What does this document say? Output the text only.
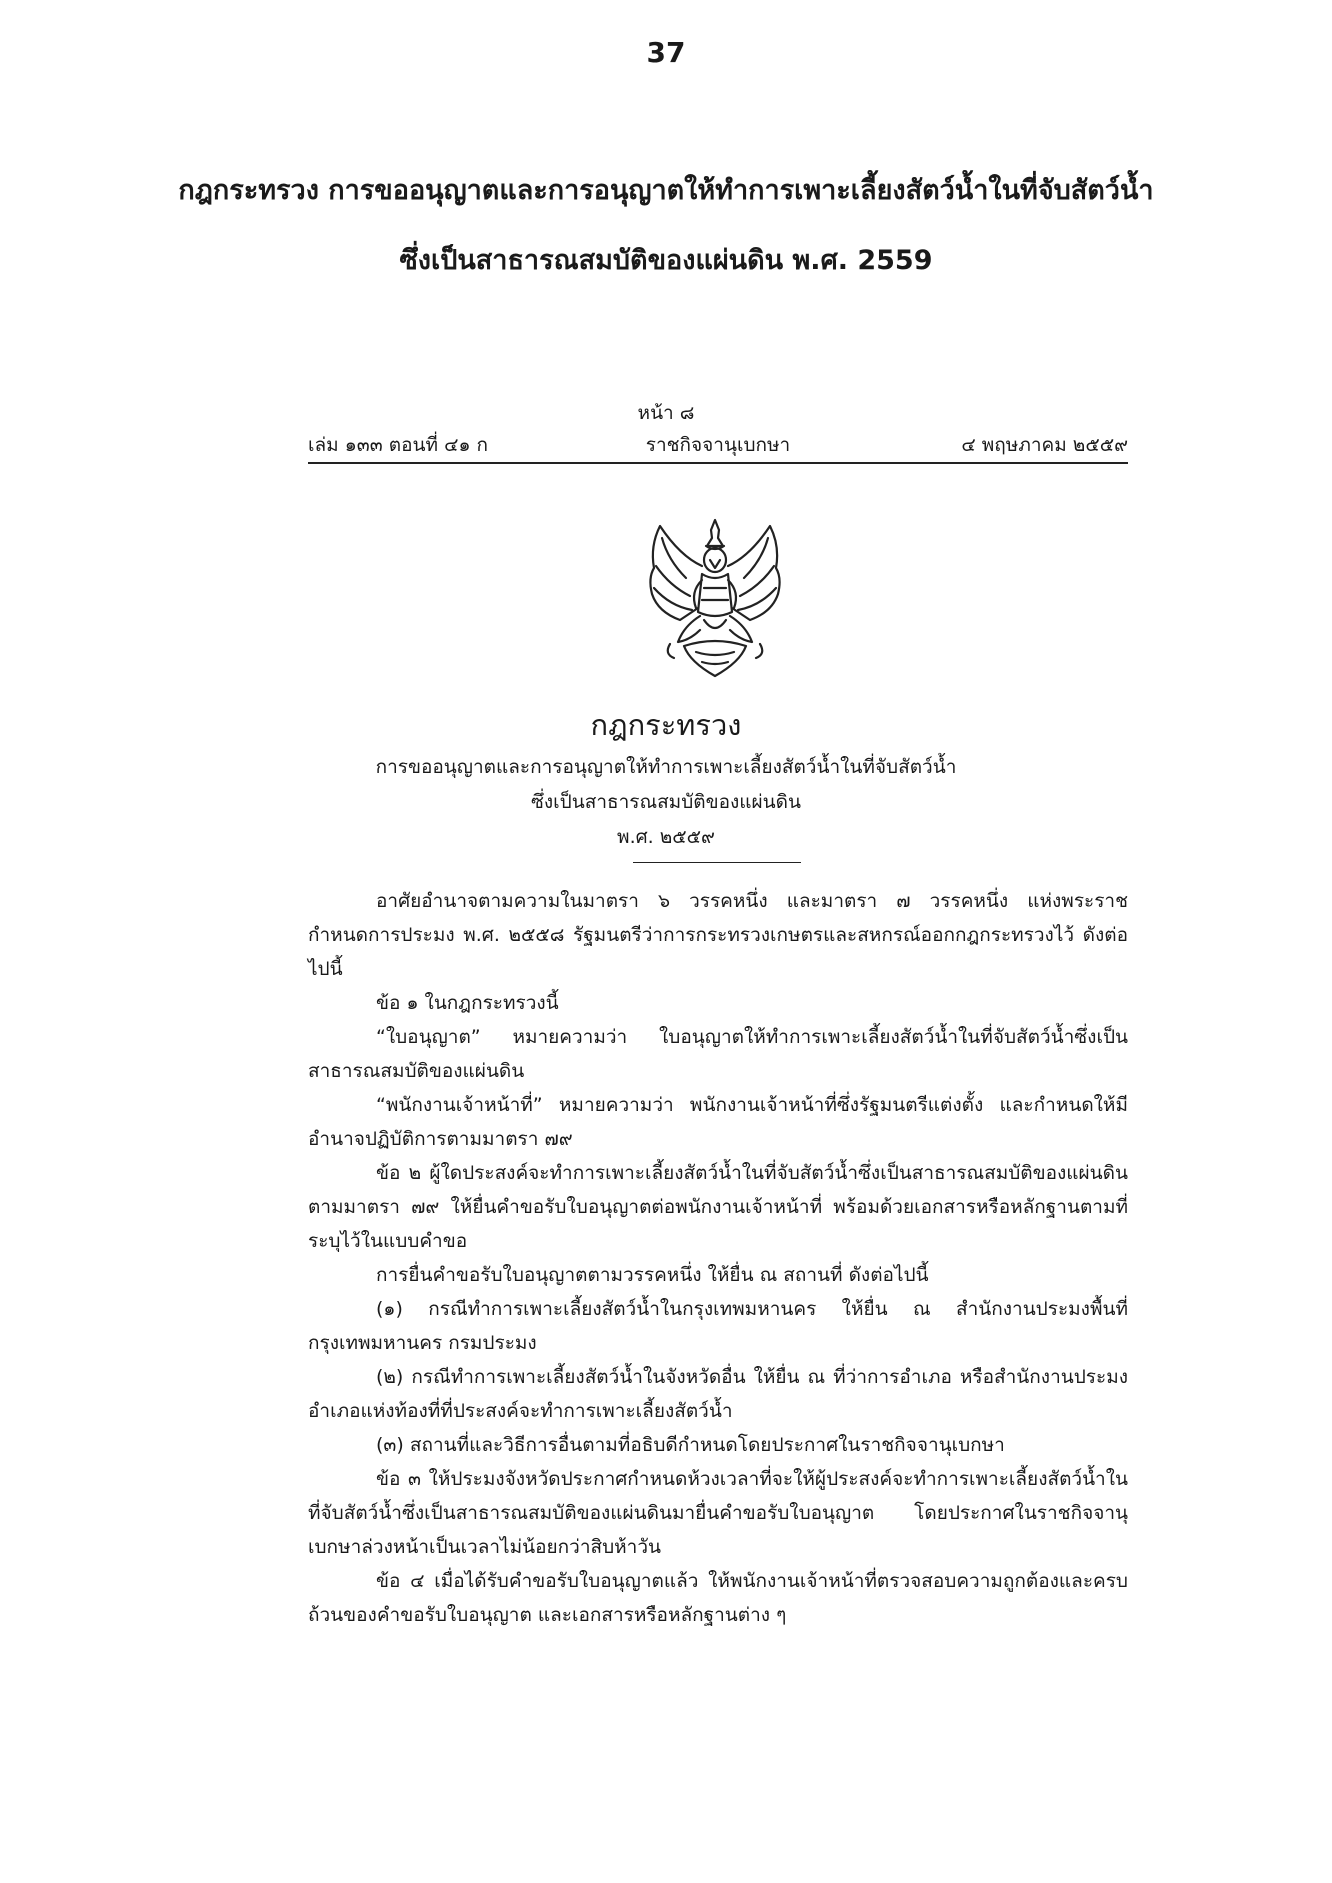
37
กฎกระทรวง การขออนุญาตและการอนุญาตให้ทำการเพาะเลี้ยงสัตว์น้ำในที่จับสัตว์น้ำ
ซึ่งเป็นสาธารณสมบัติของแผ่นดิน พ.ศ. 2559
หน้า ๘
เล่ม ๑๓๓ ตอนที่ ๔๑ ก	ราชกิจจานุเบกษา	๔ พฤษภาคม ๒๕๕๙
กฎกระทรวง
การขออนุญาตและการอนุญาตให้ทำการเพาะเลี้ยงสัตว์น้ำในที่จับสัตว์น้ำ
ซึ่งเป็นสาธารณสมบัติของแผ่นดิน
พ.ศ. ๒๕๕๙

อาศัยอำนาจตามความในมาตรา ๖ วรรคหนึ่ง และมาตรา ๗ วรรคหนึ่ง แห่งพระราชกำหนดการประมง พ.ศ. ๒๕๕๘ รัฐมนตรีว่าการกระทรวงเกษตรและสหกรณ์ออกกฎกระทรวงไว้ ดังต่อไปนี้

ข้อ ๑ ในกฎกระทรวงนี้

“ใบอนุญาต” หมายความว่า ใบอนุญาตให้ทำการเพาะเลี้ยงสัตว์น้ำในที่จับสัตว์น้ำซึ่งเป็นสาธารณสมบัติของแผ่นดิน

“พนักงานเจ้าหน้าที่” หมายความว่า พนักงานเจ้าหน้าที่ซึ่งรัฐมนตรีแต่งตั้ง และกำหนดให้มีอำนาจปฏิบัติการตามมาตรา ๗๙

ข้อ ๒ ผู้ใดประสงค์จะทำการเพาะเลี้ยงสัตว์น้ำในที่จับสัตว์น้ำซึ่งเป็นสาธารณสมบัติของแผ่นดินตามมาตรา ๗๙ ให้ยื่นคำขอรับใบอนุญาตต่อพนักงานเจ้าหน้าที่ พร้อมด้วยเอกสารหรือหลักฐานตามที่ระบุไว้ในแบบคำขอ

การยื่นคำขอรับใบอนุญาตตามวรรคหนึ่ง ให้ยื่น ณ สถานที่ ดังต่อไปนี้

(๑) กรณีทำการเพาะเลี้ยงสัตว์น้ำในกรุงเทพมหานคร ให้ยื่น ณ สำนักงานประมงพื้นที่กรุงเทพมหานคร กรมประมง

(๒) กรณีทำการเพาะเลี้ยงสัตว์น้ำในจังหวัดอื่น ให้ยื่น ณ ที่ว่าการอำเภอ หรือสำนักงานประมงอำเภอแห่งท้องที่ที่ประสงค์จะทำการเพาะเลี้ยงสัตว์น้ำ

(๓) สถานที่และวิธีการอื่นตามที่อธิบดีกำหนดโดยประกาศในราชกิจจานุเบกษา

ข้อ ๓ ให้ประมงจังหวัดประกาศกำหนดห้วงเวลาที่จะให้ผู้ประสงค์จะทำการเพาะเลี้ยงสัตว์น้ำในที่จับสัตว์น้ำซึ่งเป็นสาธารณสมบัติของแผ่นดินมายื่นคำขอรับใบอนุญาต โดยประกาศในราชกิจจานุเบกษาล่วงหน้าเป็นเวลาไม่น้อยกว่าสิบห้าวัน

ข้อ ๔ เมื่อได้รับคำขอรับใบอนุญาตแล้ว ให้พนักงานเจ้าหน้าที่ตรวจสอบความถูกต้องและครบถ้วนของคำขอรับใบอนุญาต และเอกสารหรือหลักฐานต่าง ๆ
